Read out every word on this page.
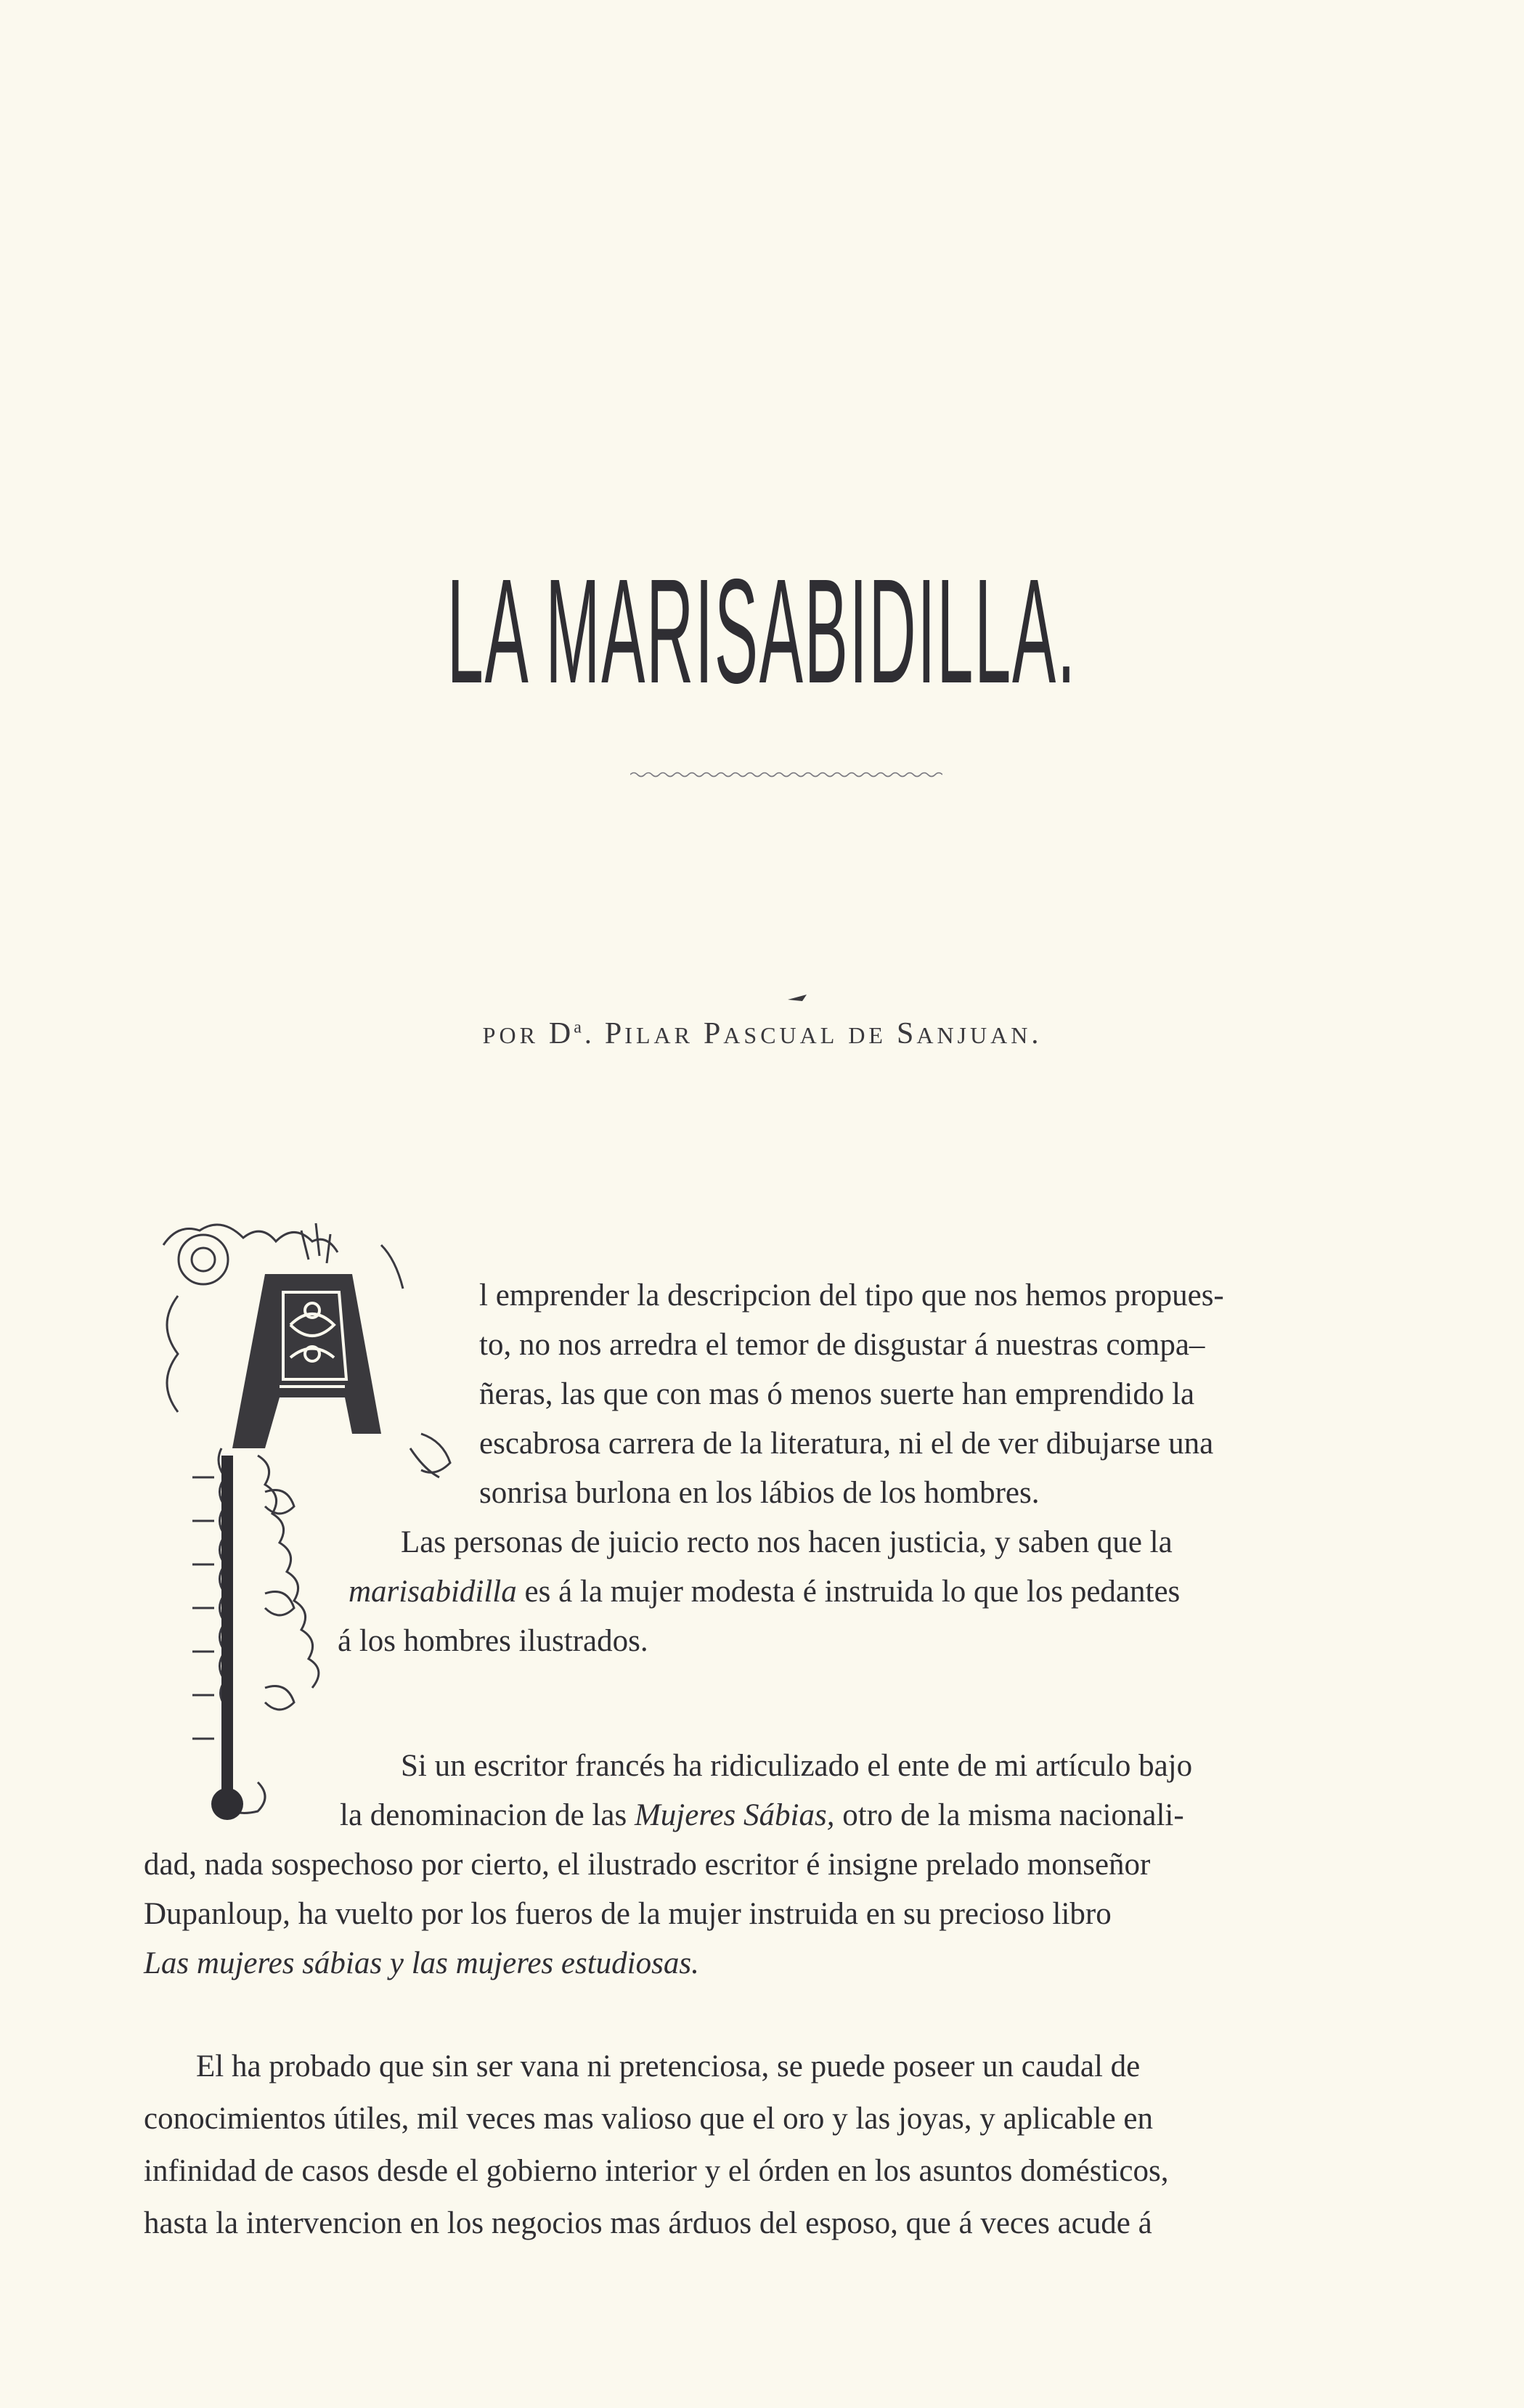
LA MARISABIDILLA.
POR $D^a$. PILAR PASCUAL DE SANJUAN.
l emprender la descripcion del tipo que nos hemos propues-
to, no nos arredra el temor de disgustar á nuestras compa–
ñeras, las que con mas ó menos suerte han emprendido la
escabrosa carrera de la literatura, ni el de ver dibujarse una
sonrisa burlona en los lábios de los hombres.
Las personas de juicio recto nos hacen justicia, y saben que la
marisabidilla es á la mujer modesta é instruida lo que los pedantes
á los hombres ilustrados.
Si un escritor francés ha ridiculizado el ente de mi artículo bajo
la denominacion de las Mujeres Sábias, otro de la misma nacionali-
dad, nada sospechoso por cierto, el ilustrado escritor é insigne prelado monseñor
Dupanloup, ha vuelto por los fueros de la mujer instruida en su precioso libro
Las mujeres sábias y las mujeres estudiosas.
El ha probado que sin ser vana ni pretenciosa, se puede poseer un caudal de
conocimientos útiles, mil veces mas valioso que el oro y las joyas, y aplicable en
infinidad de casos desde el gobierno interior y el órden en los asuntos domésticos,
hasta la intervencion en los negocios mas árduos del esposo, que á veces acude á
